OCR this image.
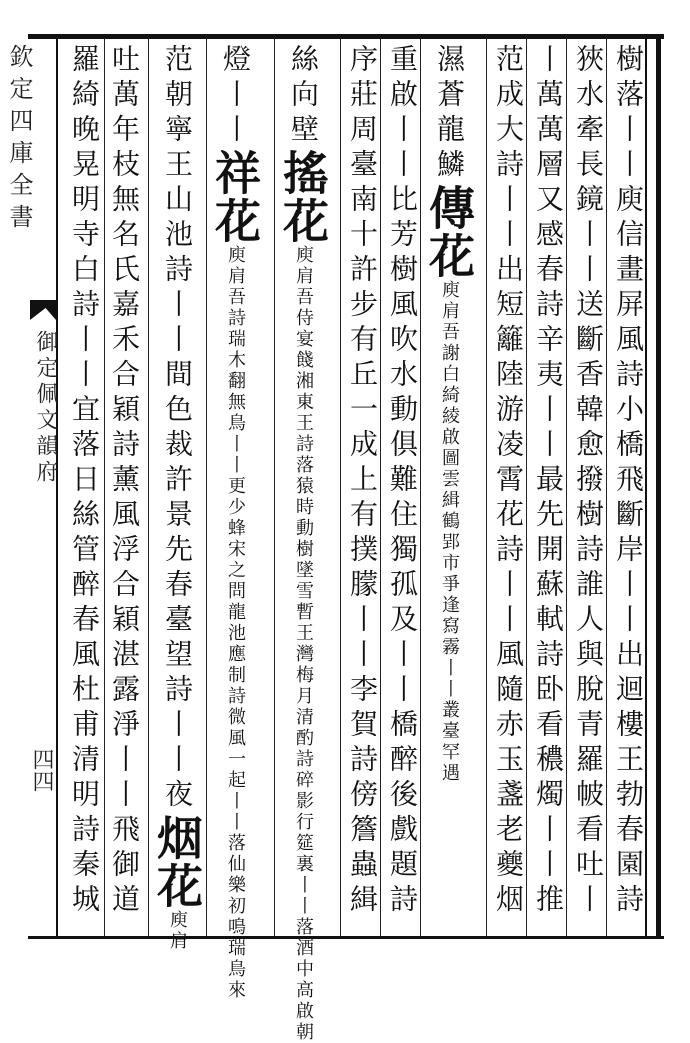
欽定四庫全書
御定佩文韻府
四四	樹落丨丨庾信畫屏風詩小橋飛斷岸丨丨出迴樓王勃春園詩
狹水牽長鏡丨丨送斷香韓愈撥樹詩誰人與脫青羅帔看吐丨
丨萬萬層又感春詩辛夷丨丨最先開蘇軾詩卧看穠燭丨丨推
范成大詩丨丨出短籬陸游凌霄花詩丨丨風隨赤玉盞老夔烟
濕蒼龍鱗傳花庾肩吾謝白綺綾啟圖雲緝鶴郢市爭逢寫霧丨丨叢臺罕遇
重啟丨丨比芳樹風吹水動俱難住獨孤及丨丨橋醉後戲題詩
序莊周臺南十許步有丘一成上有撲朦丨丨李賀詩傍簷蟲緝
絲向壁搖花庾肩吾侍宴餞湘東王詩落猿時動樹墜雪暫王灣梅月清酌詩碎影行筵裏丨丨落酒中高啟朝
燈丨丨祥花庾肩吾詩瑞木翻無鳥丨丨更少蜂宋之問龍池應制詩微風一起丨丨落仙樂初鳴瑞鳥來
范朝寧王山池詩丨丨間色裁許景先春臺望詩丨丨夜烟花庾肩
吐萬年枝無名氏嘉禾合穎詩薰風浮合穎湛露淨丨丨飛御道
羅綺晚晃明寺白詩丨丨宜落日絲管醉春風杜甫清明詩秦城
